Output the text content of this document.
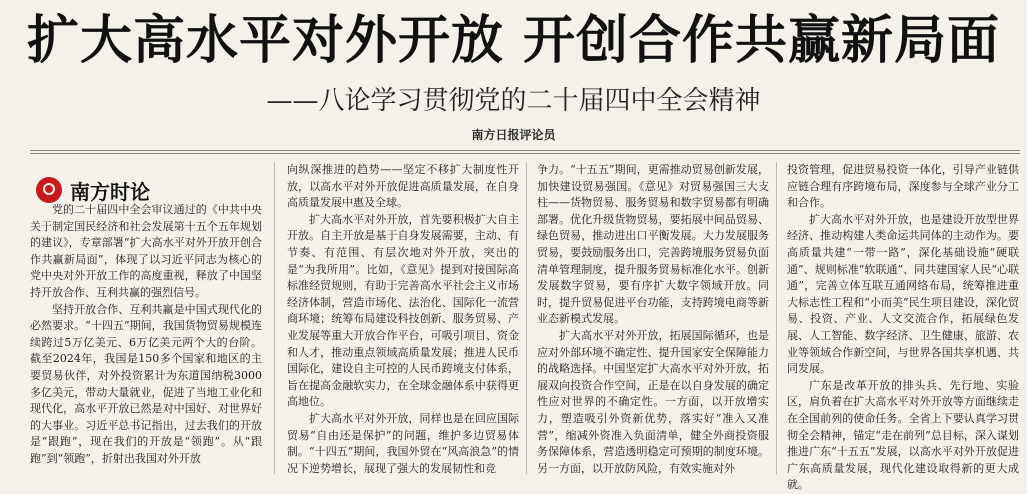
扩大高水平对外开放 开创合作共赢新局面
——八论学习贯彻党的二十届四中全会精神
南方日报评论员
南方时论

党的二十届四中全会审议通过的《中共中央关于制定国民经济和社会发展第十五个五年规划的建议》，专章部署“扩大高水平对外开放开创合作共赢新局面”，体现了以习近平同志为核心的党中央对外开放工作的高度重视，释放了中国坚持开放合作、互利共赢的强烈信号。

坚持开放合作、互利共赢是中国式现代化的必然要求。“十四五”期间，我国货物贸易规模连续跨过5万亿美元、6万亿美元两个大的台阶。截至2024年，我国是150多个国家和地区的主要贸易伙伴，对外投资累计为东道国纳税3000多亿美元，带动大量就业，促进了当地工业化和现代化，高水平开放已然是对中国好、对世界好的大事业。习近平总书记指出，过去我们的开放是“跟跑”，现在我们的开放是“领跑”。从“跟跑”到“领跑”，折射出我国对外开放

向纵深推进的趋势——坚定不移扩大制度性开放，以高水平对外开放促进高质量发展，在自身高质量发展中惠及全球。

扩大高水平对外开放，首先要积极扩大自主开放。自主开放是基于自身发展需要，主动、有节奏、有范围、有层次地对外开放，突出的是“为我所用”。比如，《意见》提到对接国际高标准经贸规则，有助于完善高水平社会主义市场经济体制，营造市场化、法治化、国际化一流营商环境；统筹布局建设科技创新、服务贸易、产业发展等重大开放合作平台，可吸引项目、资金和人才，推动重点领域高质量发展；推进人民币国际化，建设自主可控的人民币跨境支付体系，旨在提高金融软实力，在全球金融体系中获得更高地位。

扩大高水平对外开放，同样也是在回应国际贸易“自由还是保护”的问题，维护多边贸易体制。“十四五”期间，我国外贸在“风高浪急”的情况下逆势增长，展现了强大的发展韧性和竞

争力。“十五五”期间，更需推动贸易创新发展，加快建设贸易强国。《意见》对贸易强国三大支柱——货物贸易、服务贸易和数字贸易都有明确部署。优化升级货物贸易，要拓展中间品贸易、绿色贸易，推动进出口平衡发展。大力发展服务贸易，要鼓励服务出口，完善跨境服务贸易负面清单管理制度，提升服务贸易标准化水平。创新发展数字贸易，要有序扩大数字领域开放。同时，提升贸易促进平台功能，支持跨境电商等新业态新模式发展。

扩大高水平对外开放，拓展国际循环，也是应对外部环境不确定性、提升国家安全保障能力的战略选择。中国坚定扩大高水平对外开放，拓展双向投资合作空间，正是在以自身发展的确定性应对世界的不确定性。一方面，以开放增实力，塑造吸引外资新优势，落实好“准入又准营”，缩减外资准入负面清单，健全外商投资服务保障体系，营造透明稳定可预期的制度环境。另一方面，以开放防风险，有效实施对外

投资管理，促进贸易投资一体化，引导产业链供应链合理有序跨境布局，深度参与全球产业分工和合作。

扩大高水平对外开放，也是建设开放型世界经济、推动构建人类命运共同体的主动作为。要高质量共建“一带一路”，深化基础设施“硬联通”、规则标准“软联通”、同共建国家人民“心联通”，完善立体互联互通网络布局，统筹推进重大标志性工程和“小而美”民生项目建设，深化贸易、投资、产业、人文交流合作，拓展绿色发展、人工智能、数字经济、卫生健康、旅游、农业等领域合作新空间，与世界各国共享机遇、共同发展。

广东是改革开放的排头兵、先行地、实验区，肩负着在扩大高水平对外开放等方面继续走在全国前列的使命任务。全省上下要认真学习贯彻全会精神，锚定“走在前列”总目标，深入谋划推进广东“十五五”发展，以高水平对外开放促进广东高质量发展，现代化建设取得新的更大成就。
